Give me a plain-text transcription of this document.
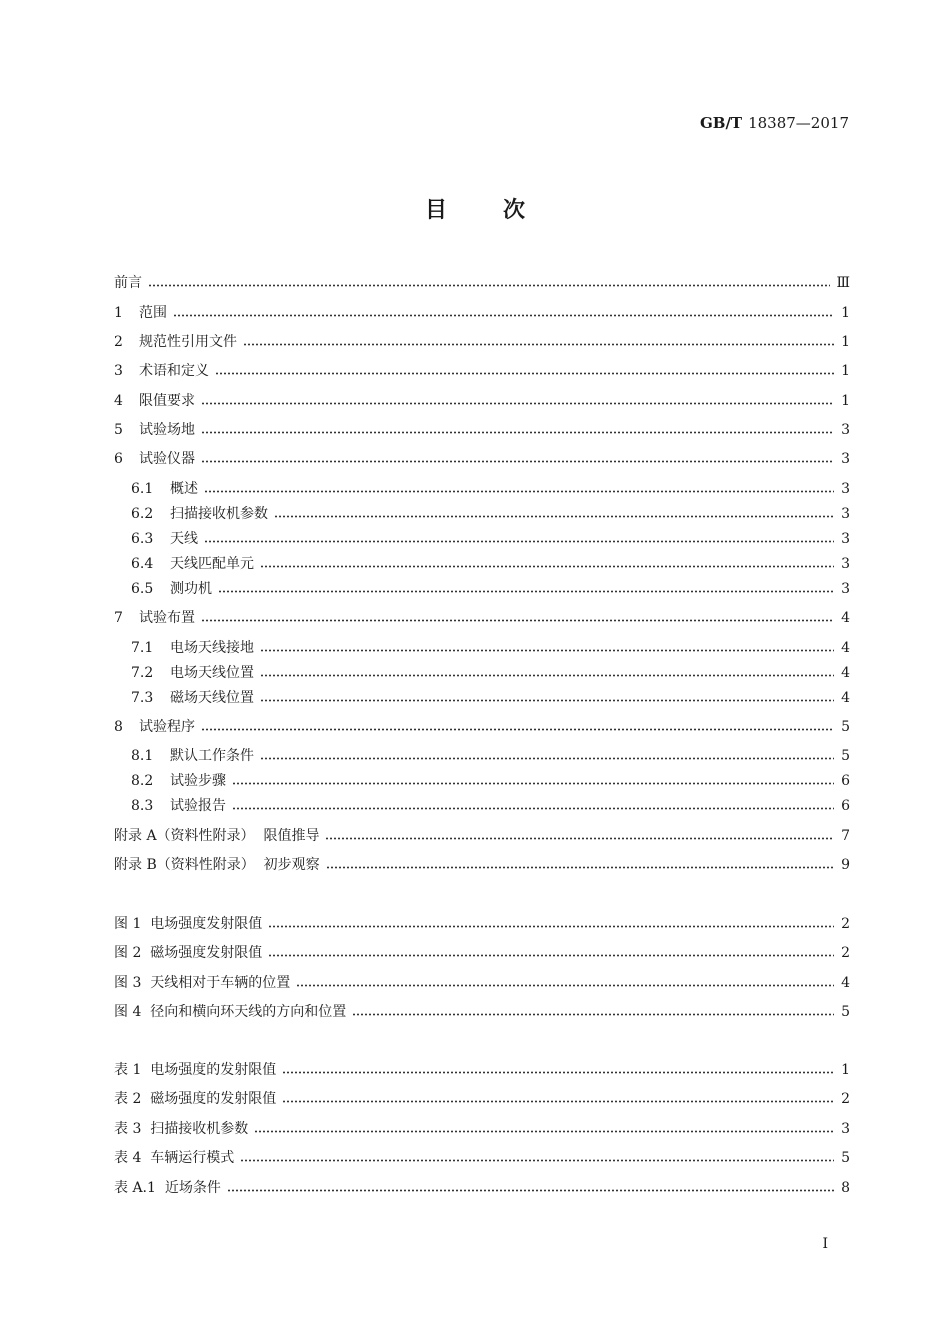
GB/T 18387—2017
目次
前言	Ⅲ
1 范围	1
2 规范性引用文件	1
3 术语和定义	1
4 限值要求	1
5 试验场地	3
6 试验仪器	3
6.1 概述	3
6.2 扫描接收机参数	3
6.3 天线	3
6.4 天线匹配单元	3
6.5 测功机	3
7 试验布置	4
7.1 电场天线接地	4
7.2 电场天线位置	4
7.3 磁场天线位置	4
8 试验程序	5
8.1 默认工作条件	5
8.2 试验步骤	6
8.3 试验报告	6
附录 A（资料性附录）  限值推导	7
附录 B（资料性附录）  初步观察	9
图 1  电场强度发射限值	2
图 2  磁场强度发射限值	2
图 3  天线相对于车辆的位置	4
图 4  径向和横向环天线的方向和位置	5
表 1  电场强度的发射限值	1
表 2  磁场强度的发射限值	2
表 3  扫描接收机参数	3
表 4  车辆运行模式	5
表 A.1  近场条件	8
I
